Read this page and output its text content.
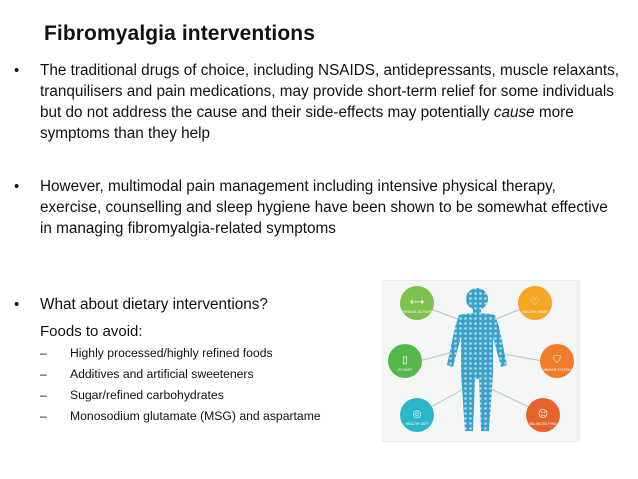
Fibromyalgia interventions
• The traditional drugs of choice, including NSAIDS, antidepressants, muscle relaxants, tranquilisers and pain medications, may provide short-term relief for some individuals but do not address the cause and their side-effects may potentially cause more symptoms than they help
• However, multimodal pain management including intensive physical therapy, exercise, counselling and sleep hygiene have been shown to be somewhat effective in managing fibromyalgia-related symptoms
• What about dietary interventions?
Foods to avoid:
– Highly processed/highly refined foods
– Additives and artificial sweeteners
– Sugar/refined carbohydrates
– Monosodium glutamate (MSG) and aspartame
⟷
PHYSICAL ACTIVITY
♡
HEALTHY HEART
▯
FIT BODY
⛉
IMMUNE SYSTEM
◎
HEALTHY DIET
☺
BALANCED MIND
